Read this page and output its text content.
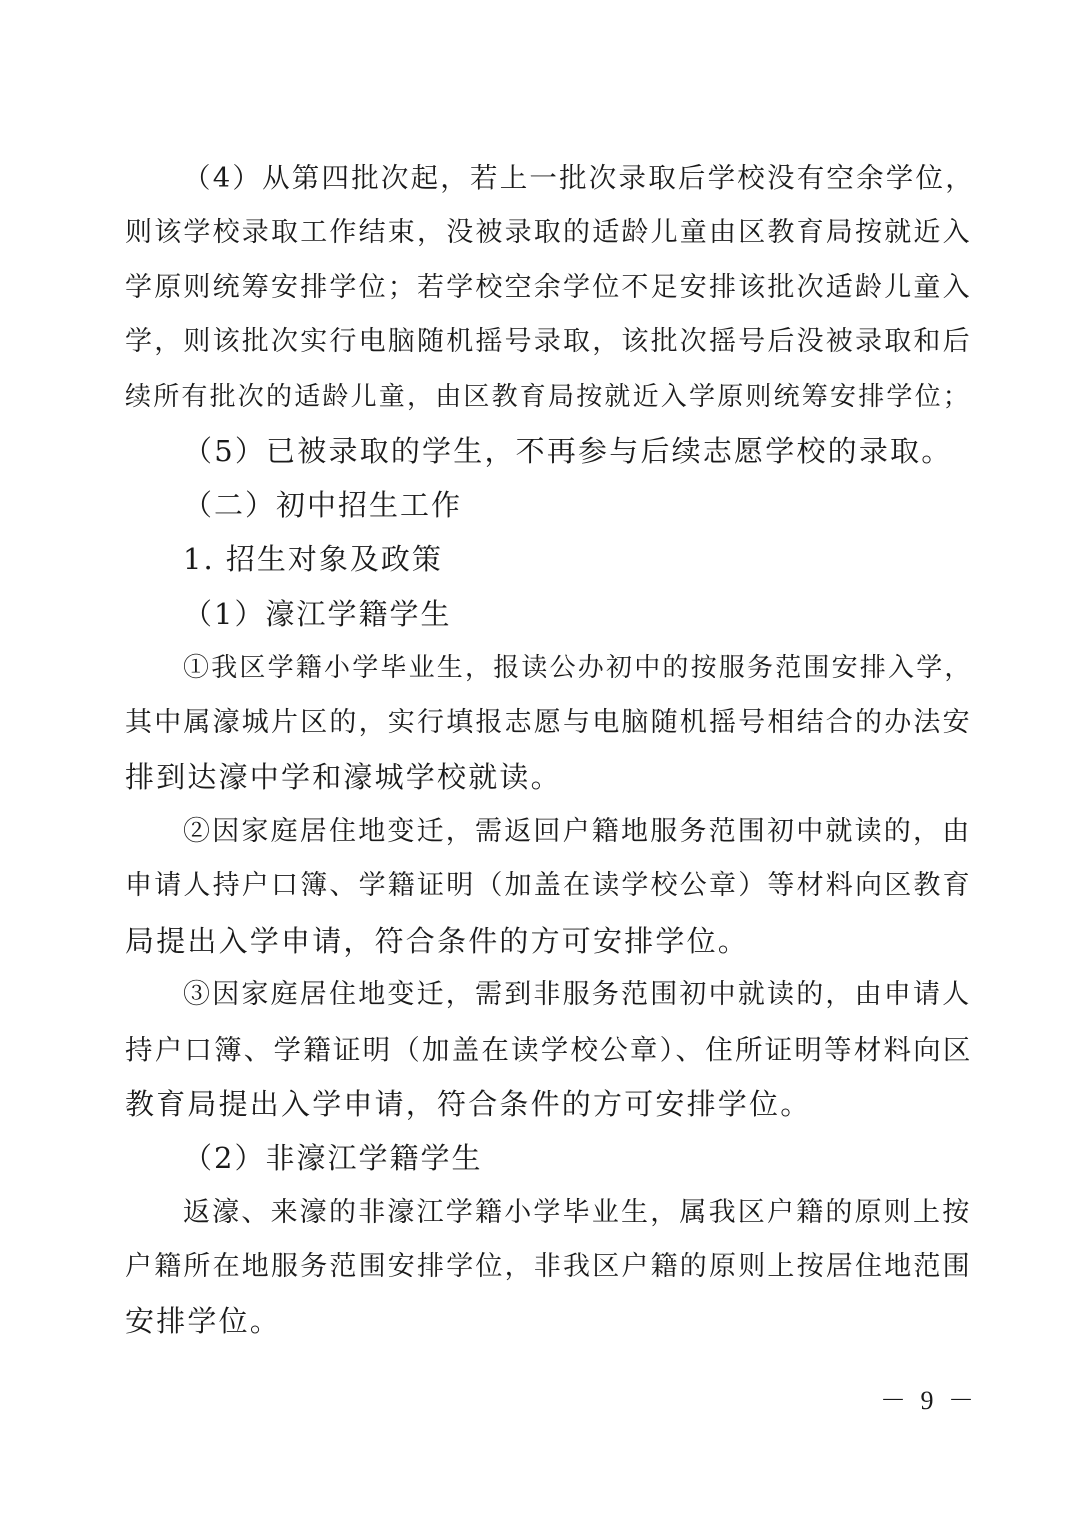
（4）从第四批次起，若上一批次录取后学校没有空余学位，
则该学校录取工作结束，没被录取的适龄儿童由区教育局按就近入
学原则统筹安排学位；若学校空余学位不足安排该批次适龄儿童入
学，则该批次实行电脑随机摇号录取，该批次摇号后没被录取和后
续所有批次的适龄儿童，由区教育局按就近入学原则统筹安排学位；
（5）已被录取的学生，不再参与后续志愿学校的录取。
（二）初中招生工作
1. 招生对象及政策
（1）濠江学籍学生
①我区学籍小学毕业生，报读公办初中的按服务范围安排入学，
其中属濠城片区的，实行填报志愿与电脑随机摇号相结合的办法安
排到达濠中学和濠城学校就读。
②因家庭居住地变迁，需返回户籍地服务范围初中就读的，由
申请人持户口簿、学籍证明（加盖在读学校公章）等材料向区教育
局提出入学申请，符合条件的方可安排学位。
③因家庭居住地变迁，需到非服务范围初中就读的，由申请人
持户口簿、学籍证明（加盖在读学校公章）、住所证明等材料向区
教育局提出入学申请，符合条件的方可安排学位。
（2）非濠江学籍学生
返濠、来濠的非濠江学籍小学毕业生，属我区户籍的原则上按
户籍所在地服务范围安排学位，非我区户籍的原则上按居住地范围
安排学位。
－ 9 －
